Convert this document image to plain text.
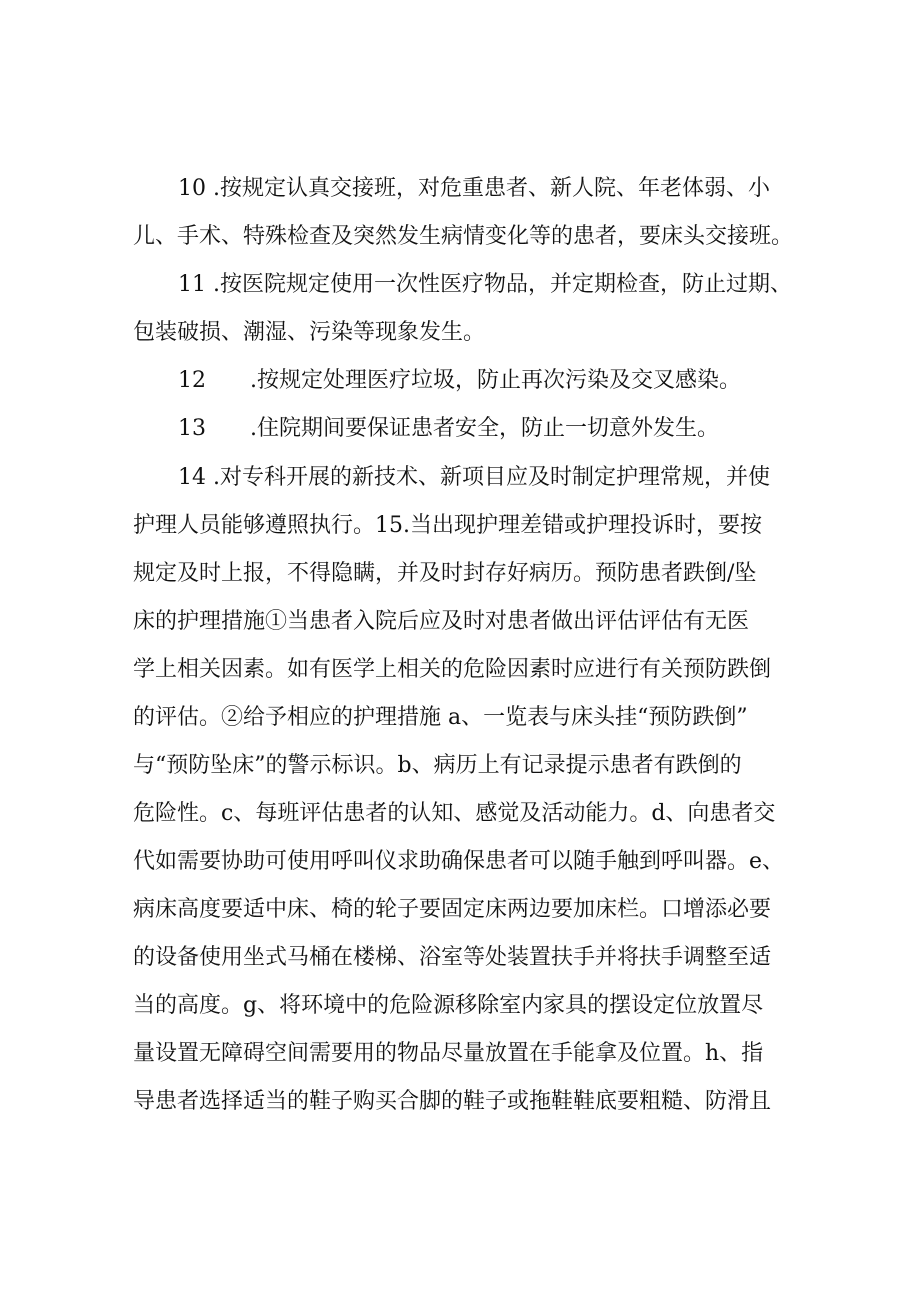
10 .按规定认真交接班，对危重患者、新人院、年老体弱、小
儿、手术、特殊检查及突然发生病情变化等的患者，要床头交接班。
11 .按医院规定使用一次性医疗物品，并定期检查，防止过期、
包装破损、潮湿、污染等现象发生。
12　　.按规定处理医疗垃圾，防止再次污染及交叉感染。
13　　.住院期间要保证患者安全，防止一切意外发生。
14 .对专科开展的新技术、新项目应及时制定护理常规，并使
护理人员能够遵照执行。15.当出现护理差错或护理投诉时，要按
规定及时上报，不得隐瞒，并及时封存好病历。预防患者跌倒/坠
床的护理措施①当患者入院后应及时对患者做出评估评估有无医
学上相关因素。如有医学上相关的危险因素时应进行有关预防跌倒
的评估。②给予相应的护理措施 a、一览表与床头挂“预防跌倒”
与“预防坠床”的警示标识。b、病历上有记录提示患者有跌倒的
危险性。c、每班评估患者的认知、感觉及活动能力。d、向患者交
代如需要协助可使用呼叫仪求助确保患者可以随手触到呼叫器。e、
病床高度要适中床、椅的轮子要固定床两边要加床栏。口增添必要
的设备使用坐式马桶在楼梯、浴室等处装置扶手并将扶手调整至适
当的高度。g、将环境中的危险源移除室内家具的摆设定位放置尽
量设置无障碍空间需要用的物品尽量放置在手能拿及位置。h、指
导患者选择适当的鞋子购买合脚的鞋子或拖鞋鞋底要粗糙、防滑且
